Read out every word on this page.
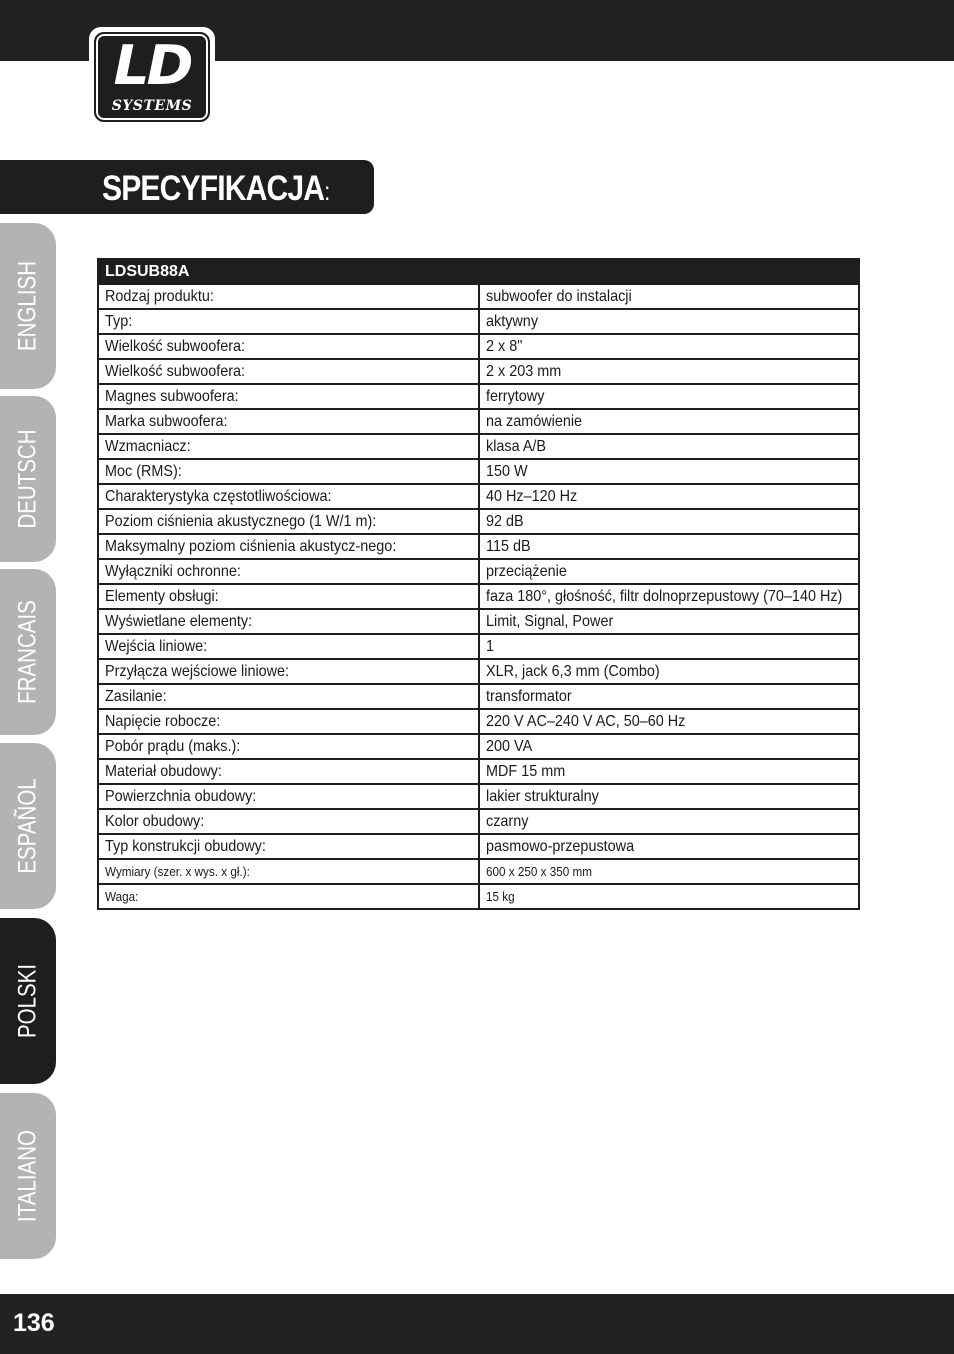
LD
SYSTEMS
SPECYFIKACJA:
ENGLISH
DEUTSCH
FRANCAIS
ESPAÑOL
POLSKI
ITALIANO
LDSUB88A	
Rodzaj produktu:	subwoofer do instalacji
Typ:	aktywny
Wielkość subwoofera:	2 x 8"
Wielkość subwoofera:	2 x 203 mm
Magnes subwoofera:	ferrytowy
Marka subwoofera:	na zamówienie
Wzmacniacz:	klasa A/B
Moc (RMS):	150 W
Charakterystyka częstotliwościowa:	40 Hz–120 Hz
Poziom ciśnienia akustycznego (1 W/1 m):	92 dB

Maksymalny poziom ciśnienia akustycz-nego:	115 dB
Wyłączniki ochronne:	przeciążenie
Elementy obsługi:	faza 180°, głośność, filtr dolnoprzepustowy (70–140 Hz)
Wyświetlane elementy:	Limit, Signal, Power
Wejścia liniowe:	1
Przyłącza wejściowe liniowe:	XLR, jack 6,3 mm (Combo)
Zasilanie:	transformator
Napięcie robocze:	220 V AC–240 V AC, 50–60 Hz
Pobór prądu (maks.):	200 VA
Materiał obudowy:	MDF 15 mm
Powierzchnia obudowy:	lakier strukturalny
Kolor obudowy:	czarny
Typ konstrukcji obudowy:	pasmowo-przepustowa
Wymiary (szer. x wys. x gł.):	600 x 250 x 350 mm
Waga:	15 kg
136
